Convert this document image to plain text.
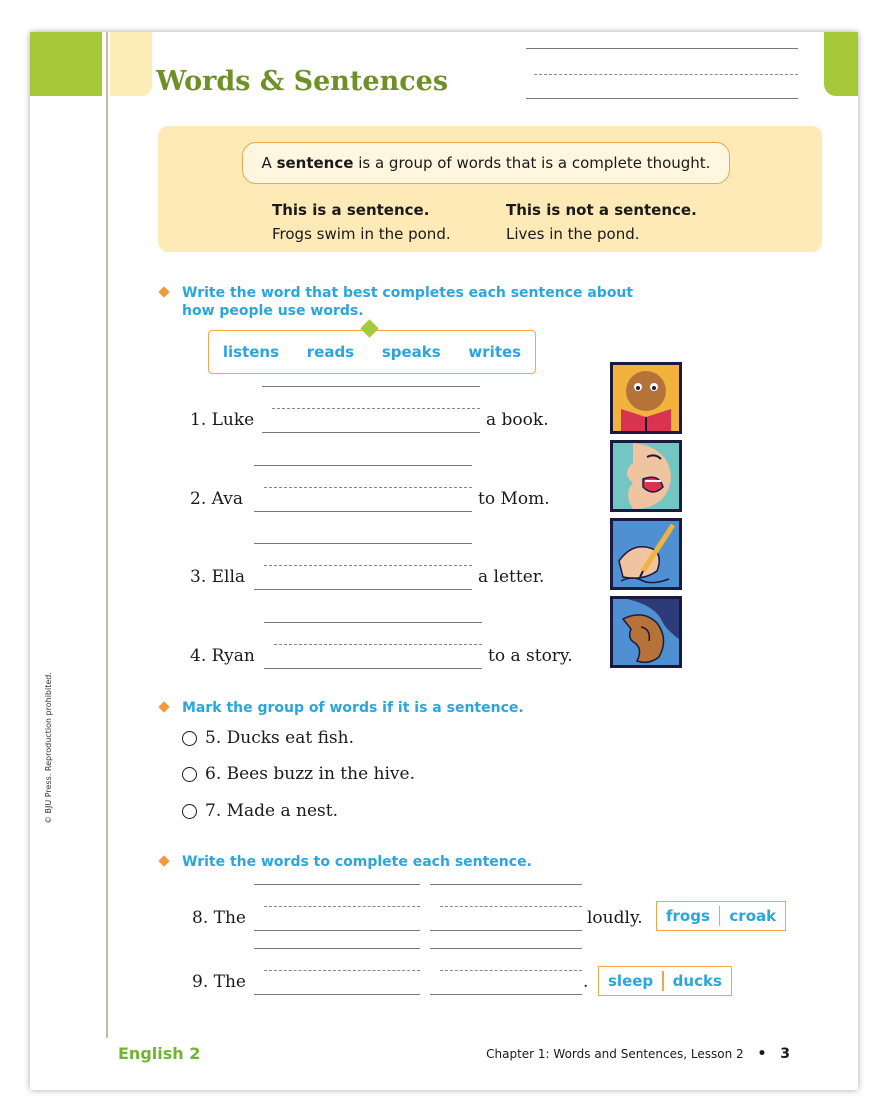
Words & Sentences
A sentence is a group of words that is a complete thought.
This is a sentence.
Frogs swim in the pond.
This is not a sentence.
Lives in the pond.
Write the word that best completes each sentence about
how people use words.
listens reads speaks writes
1. Luke	a book.
2. Ava	to Mom.
3. Ella	a letter.
4. Ryan	to a story.
Mark the group of words if it is a sentence.
5. Ducks eat fish.
6. Bees buzz in the hive.
7. Made a nest.
Write the words to complete each sentence.
8. The	loudly.	frogs	croak
9. The	.	sleep	ducks
English 2	Chapter 1: Words and Sentences, Lesson 2 • 3
© BJU Press. Reproduction prohibited.
